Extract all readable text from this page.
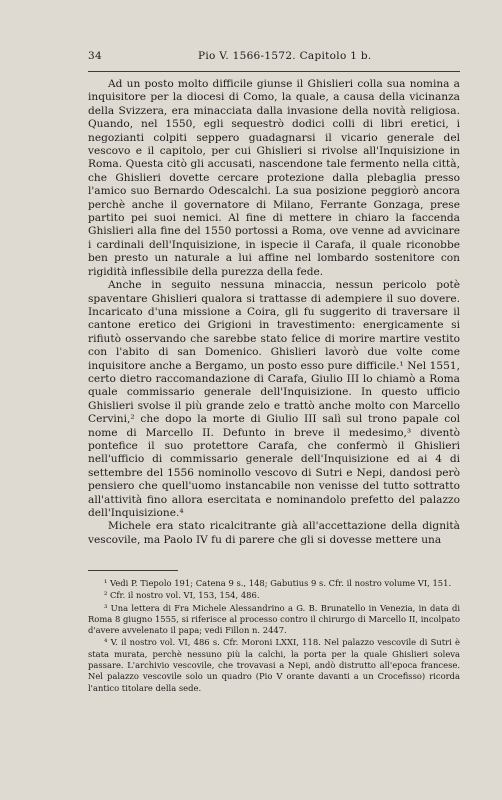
34	Pio V. 1566-1572. Capitolo 1 b.

Ad un posto molto difficile giunse il Ghislieri colla sua nomina a inquisitore per la diocesi di Como, la quale, a causa della vicinanza della Svizzera, era minacciata dalla invasione della novità religiosa. Quando, nel 1550, egli sequestrò dodici colli di libri eretici, i negozianti colpiti seppero guadagnarsi il vicario generale del vescovo e il capitolo, per cui Ghislieri si rivolse all'Inquisizione in Roma. Questa citò gli accusati, nascendone tale fermento nella città, che Ghislieri dovette cercare protezione dalla plebaglia presso l'amico suo Bernardo Odescalchi. La sua posizione peggiorò ancora perchè anche il governatore di Milano, Ferrante Gonzaga, prese partito pei suoi nemici. Al fine di mettere in chiaro la faccenda Ghislieri alla fine del 1550 portossi a Roma, ove venne ad avvicinare i cardinali dell'Inquisizione, in ispecie il Carafa, il quale riconobbe ben presto un naturale a lui affine nel lombardo sostenitore con rigidità inflessibile della purezza della fede.

Anche in seguito nessuna minaccia, nessun pericolo potè spaventare Ghislieri qualora si trattasse di adempiere il suo dovere. Incaricato d'una missione a Coira, gli fu suggerito di traversare il cantone eretico dei Grigioni in travestimento: energicamente si rifiutò osservando che sarebbe stato felice di morire martire vestito con l'abito di san Domenico. Ghislieri lavorò due volte come inquisitore anche a Bergamo, un posto esso pure difficile.¹ Nel 1551, certo dietro raccomandazione di Carafa, Giulio III lo chiamò a Roma quale commissario generale dell'Inquisizione. In questo ufficio Ghislieri svolse il più grande zelo e trattò anche molto con Marcello Cervini,² che dopo la morte di Giulio III salì sul trono papale col nome di Marcello II. Defunto in breve il medesimo,³ diventò pontefice il suo protettore Carafa, che confermò il Ghislieri nell'ufficio di commissario generale dell'Inquisizione ed ai 4 di settembre del 1556 nominollo vescovo di Sutri e Nepi, dandosi però pensiero che quell'uomo instancabile non venisse del tutto sottratto all'attività fino allora esercitata e nominandolo prefetto del palazzo dell'Inquisizione.⁴

Michele era stato ricalcitrante già all'accettazione della dignità vescovile, ma Paolo IV fu di parere che gli si dovesse mettere una

¹ Vedi P. Tiepolo 191; Catena 9 s., 148; Gabutius 9 s. Cfr. il nostro volume VI, 151.

² Cfr. il nostro vol. VI, 153, 154, 486.

³ Una lettera di Fra Michele Alessandrino a G. B. Brunatello in Venezia, in data di Roma 8 giugno 1555, si riferisce al processo contro il chirurgo di Marcello II, incolpato d'avere avvelenato il papa; vedi Fillon n. 2447.

⁴ V. il nostro vol. VI, 486 s. Cfr. Moroni LXXI, 118. Nel palazzo vescovile di Sutri è stata murata, perchè nessuno più la calchi, la porta per la quale Ghislieri soleva passare. L'archivio vescovile, che trovavasi a Nepi, andò distrutto all'epoca francese. Nel palazzo vescovile solo un quadro (Pio V orante davanti a un Crocefisso) ricorda l'antico titolare della sede.
